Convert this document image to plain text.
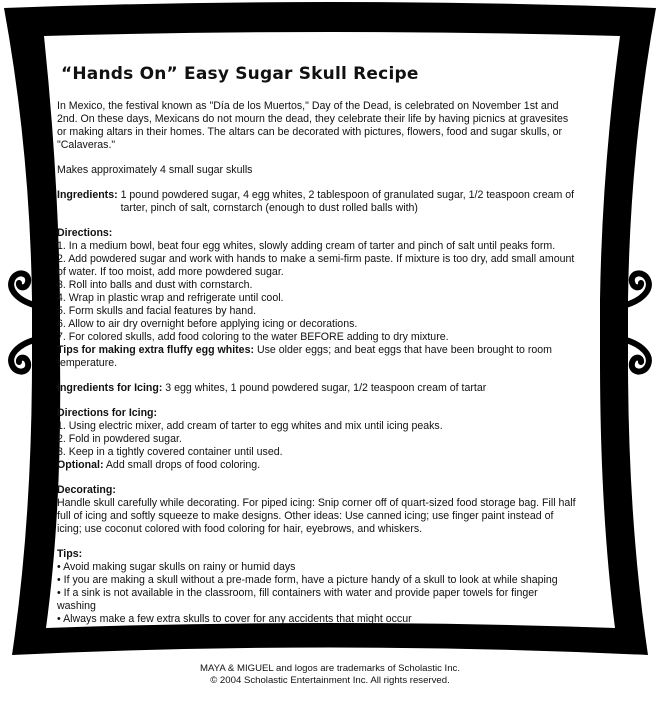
“Hands On” Easy Sugar Skull Recipe

In Mexico, the festival known as "Día de los Muertos," Day of the Dead, is celebrated on November 1st and 2nd. On these days, Mexicans do not mourn the dead, they celebrate their life by having picnics at gravesites or making altars in their homes. The altars can be decorated with pictures, flowers, food and sugar skulls, or "Calaveras."

Makes approximately 4 small sugar skulls

Ingredients:
1 pound powdered sugar, 4 egg whites, 2 tablespoon of granulated sugar, 1/2 teaspoon cream of tarter, pinch of salt, cornstarch (enough to dust rolled balls with)

Directions:

1. In a medium bowl, beat four egg whites, slowly adding cream of tarter and pinch of salt until peaks form.

2. Add powdered sugar and work with hands to make a semi-firm paste. If mixture is too dry, add small amount of water. If too moist, add more powdered sugar.

3. Roll into balls and dust with cornstarch.

4. Wrap in plastic wrap and refrigerate until cool.

5. Form skulls and facial features by hand.

6. Allow to air dry overnight before applying icing or decorations.

7. For colored skulls, add food coloring to the water BEFORE adding to dry mixture.

Tips for making extra fluffy egg whites: Use older eggs; and beat eggs that have been brought to room temperature.

Ingredients for Icing: 3 egg whites, 1 pound powdered sugar, 1/2 teaspoon cream of tartar

Directions for Icing:

1. Using electric mixer, add cream of tarter to egg whites and mix until icing peaks.

2. Fold in powdered sugar.

3. Keep in a tightly covered container until used.

Optional: Add small drops of food coloring.

Decorating:

Handle skull carefully while decorating. For piped icing: Snip corner off of quart-sized food storage bag. Fill half full of icing and softly squeeze to make designs. Other ideas: Use canned icing; use finger paint instead of icing; use coconut colored with food coloring for hair, eyebrows, and whiskers.

Tips:

• Avoid making sugar skulls on rainy or humid days

• If you are making a skull without a pre-made form, have a picture handy of a skull to look at while shaping

• If a sink is not available in the classroom, fill containers with water and provide paper towels for finger washing

• Always make a few extra skulls to cover for any accidents that might occur

MAYA & MIGUEL and logos are trademarks of Scholastic Inc.
© 2004 Scholastic Entertainment Inc. All rights reserved.
